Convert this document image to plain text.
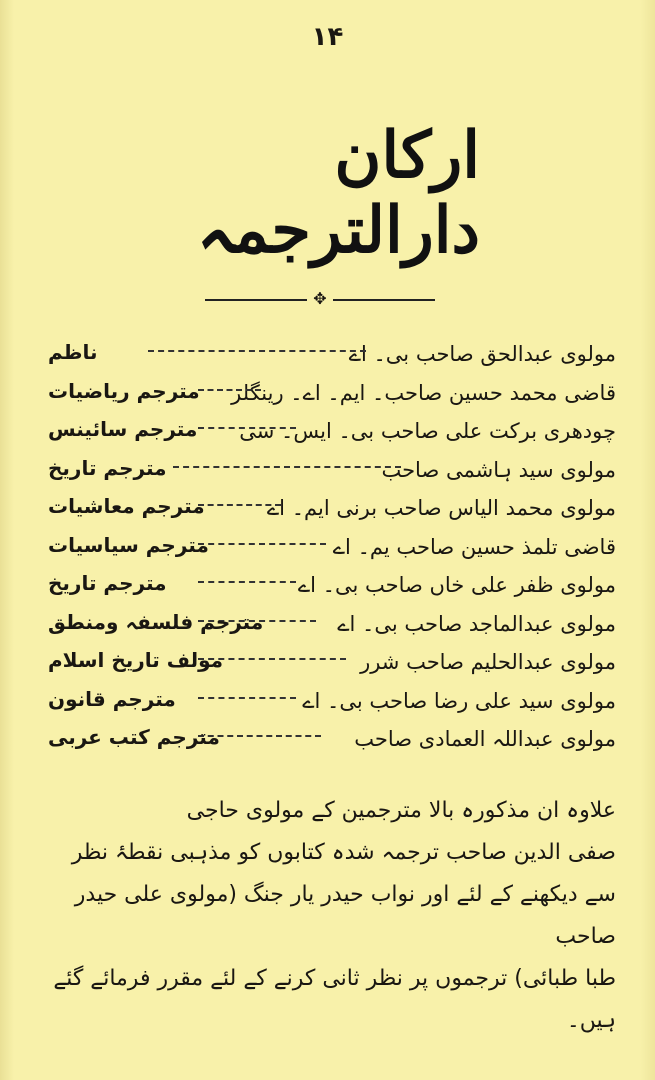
۱۴
ارکان دارالترجمہ
✥
مولوی عبدالحق صاحب بی۔ اے
ناظم
قاضی محمد حسین صاحب۔ ایم۔ اے۔ رینگلر
مترجم ریاضیات
چودھری برکت علی صاحب بی۔ ایس۔ سی
مترجم سائینس
مولوی سید ہاشمی صاحب
مترجم تاریخ
مولوی محمد الیاس صاحب برنی ایم۔ اے
مترجم معاشیات
قاضی تلمذ حسین صاحب یم۔ اے
مترجم سیاسیات
مولوی ظفر علی خاں صاحب بی۔ اے
مترجم تاریخ
مولوی عبدالماجد صاحب بی۔ اے
مترجم فلسفہ ومنطق
مولوی عبدالحلیم صاحب شرر
مولف تاریخ اسلام
مولوی سید علی رضا صاحب بی۔ اے
مترجم قانون
مولوی عبداللہ العمادی صاحب
مترجم کتب عربی

علاوہ ان مذکورہ بالا مترجمین کے مولوی حاجی

صفی الدین صاحب ترجمہ شدہ کتابوں کو مذہبی نقطۂ نظر

سے دیکھنے کے لئے اور نواب حیدر یار جنگ (مولوی علی حیدر صاحب

طبا طبائی) ترجموں پر نظر ثانی کرنے کے لئے مقرر فرمائے گئے ہیں۔
